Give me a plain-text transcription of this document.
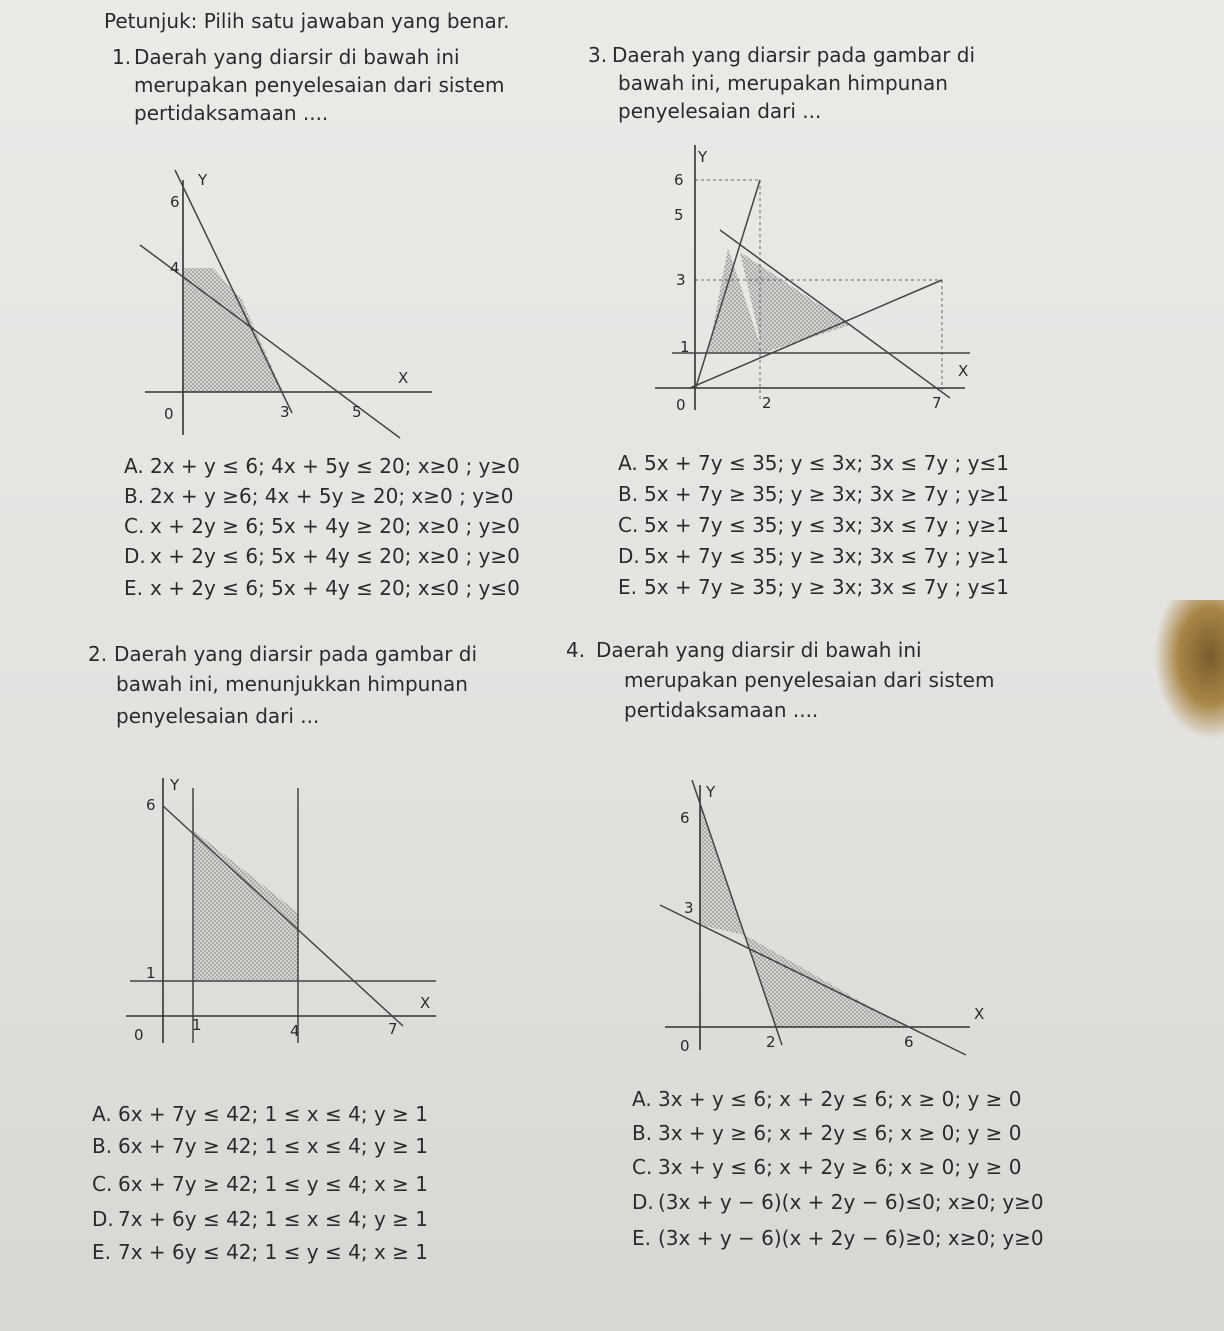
Petunjuk: Pilih satu jawaban yang benar.
1. Daerah yang diarsir di bawah ini
merupakan penyelesaian dari sistem
pertidaksamaan ....
Y
X
6
4
0	3	5
A. 2x + y ≤ 6; 4x + 5y ≤ 20; x≥0 ; y≥0
B. 2x + y ≥6; 4x + 5y ≥ 20; x≥0 ; y≥0
C. x + 2y ≥ 6; 5x + 4y ≥ 20; x≥0 ; y≥0
D. x + 2y ≤ 6; 5x + 4y ≤ 20; x≥0 ; y≥0
E. x + 2y ≤ 6; 5x + 4y ≤ 20; x≤0 ; y≤0
3. Daerah yang diarsir pada gambar di
bawah ini, merupakan himpunan
penyelesaian dari ...
Y
X
6
5
3
1
0	2	7
A. 5x + 7y ≤ 35; y ≤ 3x; 3x ≤ 7y ; y≤1
B. 5x + 7y ≥ 35; y ≥ 3x; 3x ≥ 7y ; y≥1
C. 5x + 7y ≤ 35; y ≤ 3x; 3x ≤ 7y ; y≥1
D. 5x + 7y ≤ 35; y ≥ 3x; 3x ≤ 7y ; y≥1
E. 5x + 7y ≥ 35; y ≥ 3x; 3x ≤ 7y ; y≤1
2. Daerah yang diarsir pada gambar di
bawah ini, menunjukkan himpunan
penyelesaian dari ...
Y
X
6
1
0
1	4	7
A. 6x + 7y ≤ 42; 1 ≤ x ≤ 4; y ≥ 1
B. 6x + 7y ≥ 42; 1 ≤ x ≤ 4; y ≥ 1
C. 6x + 7y ≥ 42; 1 ≤ y ≤ 4; x ≥ 1
D. 7x + 6y ≤ 42; 1 ≤ x ≤ 4; y ≥ 1
E. 7x + 6y ≤ 42; 1 ≤ y ≤ 4; x ≥ 1
4. Daerah yang diarsir di bawah ini
merupakan penyelesaian dari sistem
pertidaksamaan ....
Y
X
6
3
0	2	6
A. 3x + y ≤ 6; x + 2y ≤ 6; x ≥ 0; y ≥ 0
B. 3x + y ≥ 6; x + 2y ≤ 6; x ≥ 0; y ≥ 0
C. 3x + y ≤ 6; x + 2y ≥ 6; x ≥ 0; y ≥ 0
D. (3x + y − 6)(x + 2y − 6)≤0; x≥0; y≥0
E. (3x + y − 6)(x + 2y − 6)≥0; x≥0; y≥0
